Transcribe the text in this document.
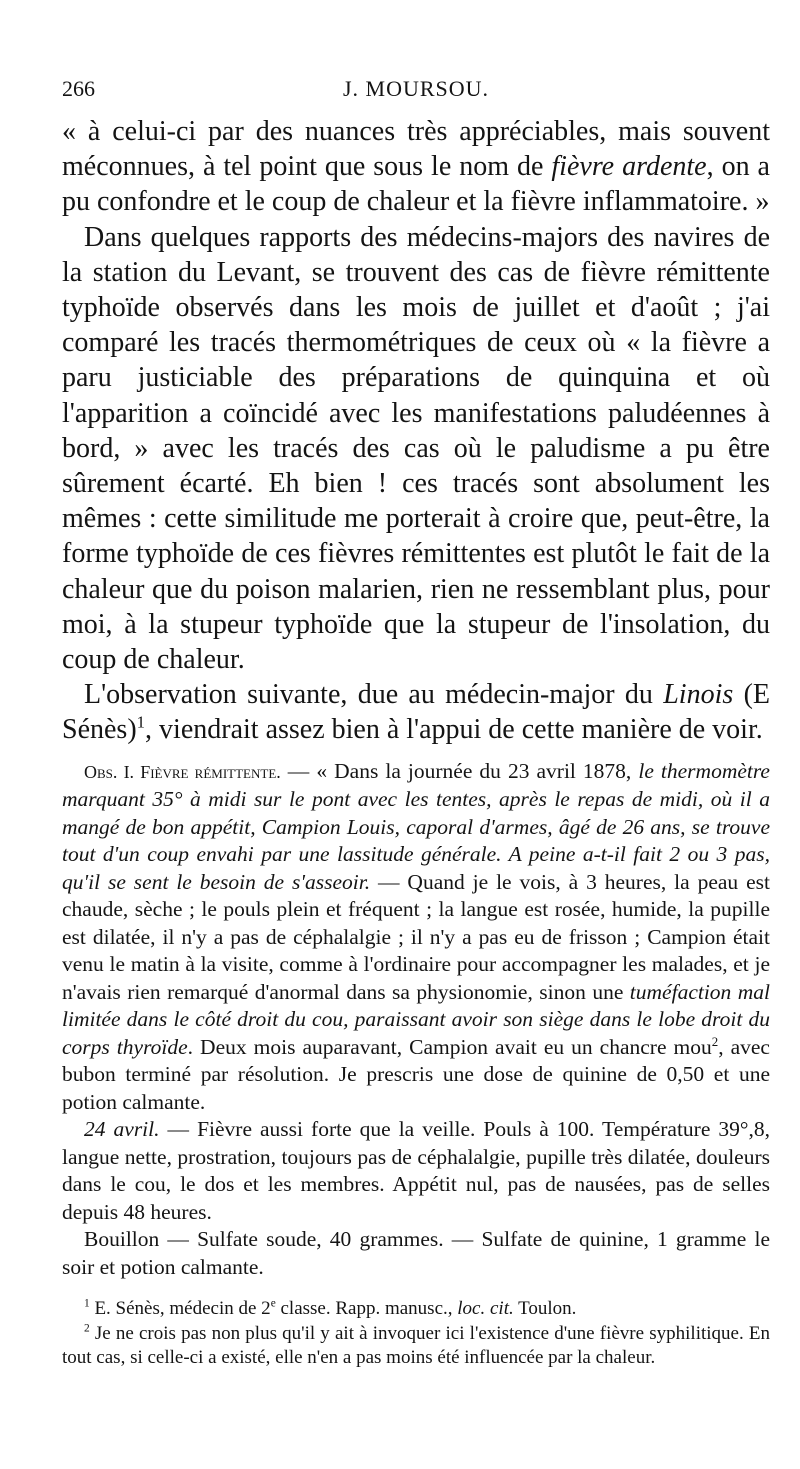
266	J. MOURSOU.

« à celui-ci par des nuances très appréciables, mais souvent méconnues, à tel point que sous le nom de fièvre ardente, on a pu confondre et le coup de chaleur et la fièvre inflammatoire. »

Dans quelques rapports des médecins-majors des navires de la station du Levant, se trouvent des cas de fièvre rémittente typhoïde observés dans les mois de juillet et d'août ; j'ai comparé les tracés thermométriques de ceux où « la fièvre a paru justiciable des préparations de quinquina et où l'apparition a coïncidé avec les manifestations paludéennes à bord, » avec les tracés des cas où le paludisme a pu être sûrement écarté. Eh bien ! ces tracés sont absolument les mêmes : cette similitude me porterait à croire que, peut-être, la forme typhoïde de ces fièvres rémittentes est plutôt le fait de la chaleur que du poison malarien, rien ne ressemblant plus, pour moi, à la stupeur typhoïde que la stupeur de l'insolation, du coup de chaleur.

L'observation suivante, due au médecin-major du Linois (E Sénès)$^1$, viendrait assez bien à l'appui de cette manière de voir.

Obs. I. Fièvre rémittente. — « Dans la journée du 23 avril 1878, le thermomètre marquant 35° à midi sur le pont avec les tentes, après le repas de midi, où il a mangé de bon appétit, Campion Louis, caporal d'armes, âgé de 26 ans, se trouve tout d'un coup envahi par une lassitude générale. A peine a-t-il fait 2 ou 3 pas, qu'il se sent le besoin de s'asseoir. — Quand je le vois, à 3 heures, la peau est chaude, sèche ; le pouls plein et fréquent ; la langue est rosée, humide, la pupille est dilatée, il n'y a pas de céphalalgie ; il n'y a pas eu de frisson ; Campion était venu le matin à la visite, comme à l'ordinaire pour accompagner les malades, et je n'avais rien remarqué d'anormal dans sa physionomie, sinon une tuméfaction mal limitée dans le côté droit du cou, paraissant avoir son siège dans le lobe droit du corps thyroïde. Deux mois auparavant, Campion avait eu un chancre mou$^2$, avec bubon terminé par résolution. Je prescris une dose de quinine de 0,50 et une potion calmante.

24 avril. — Fièvre aussi forte que la veille. Pouls à 100. Température 39°,8, langue nette, prostration, toujours pas de céphalalgie, pupille très dilatée, douleurs dans le cou, le dos et les membres. Appétit nul, pas de nausées, pas de selles depuis 48 heures.

Bouillon — Sulfate soude, 40 grammes. — Sulfate de quinine, 1 gramme le soir et potion calmante.

$^1$ E. Sénès, médecin de 2e classe. Rapp. manusc., loc. cit. Toulon.

$^2$ Je ne crois pas non plus qu'il y ait à invoquer ici l'existence d'une fièvre syphilitique. En tout cas, si celle-ci a existé, elle n'en a pas moins été influencée par la chaleur.
